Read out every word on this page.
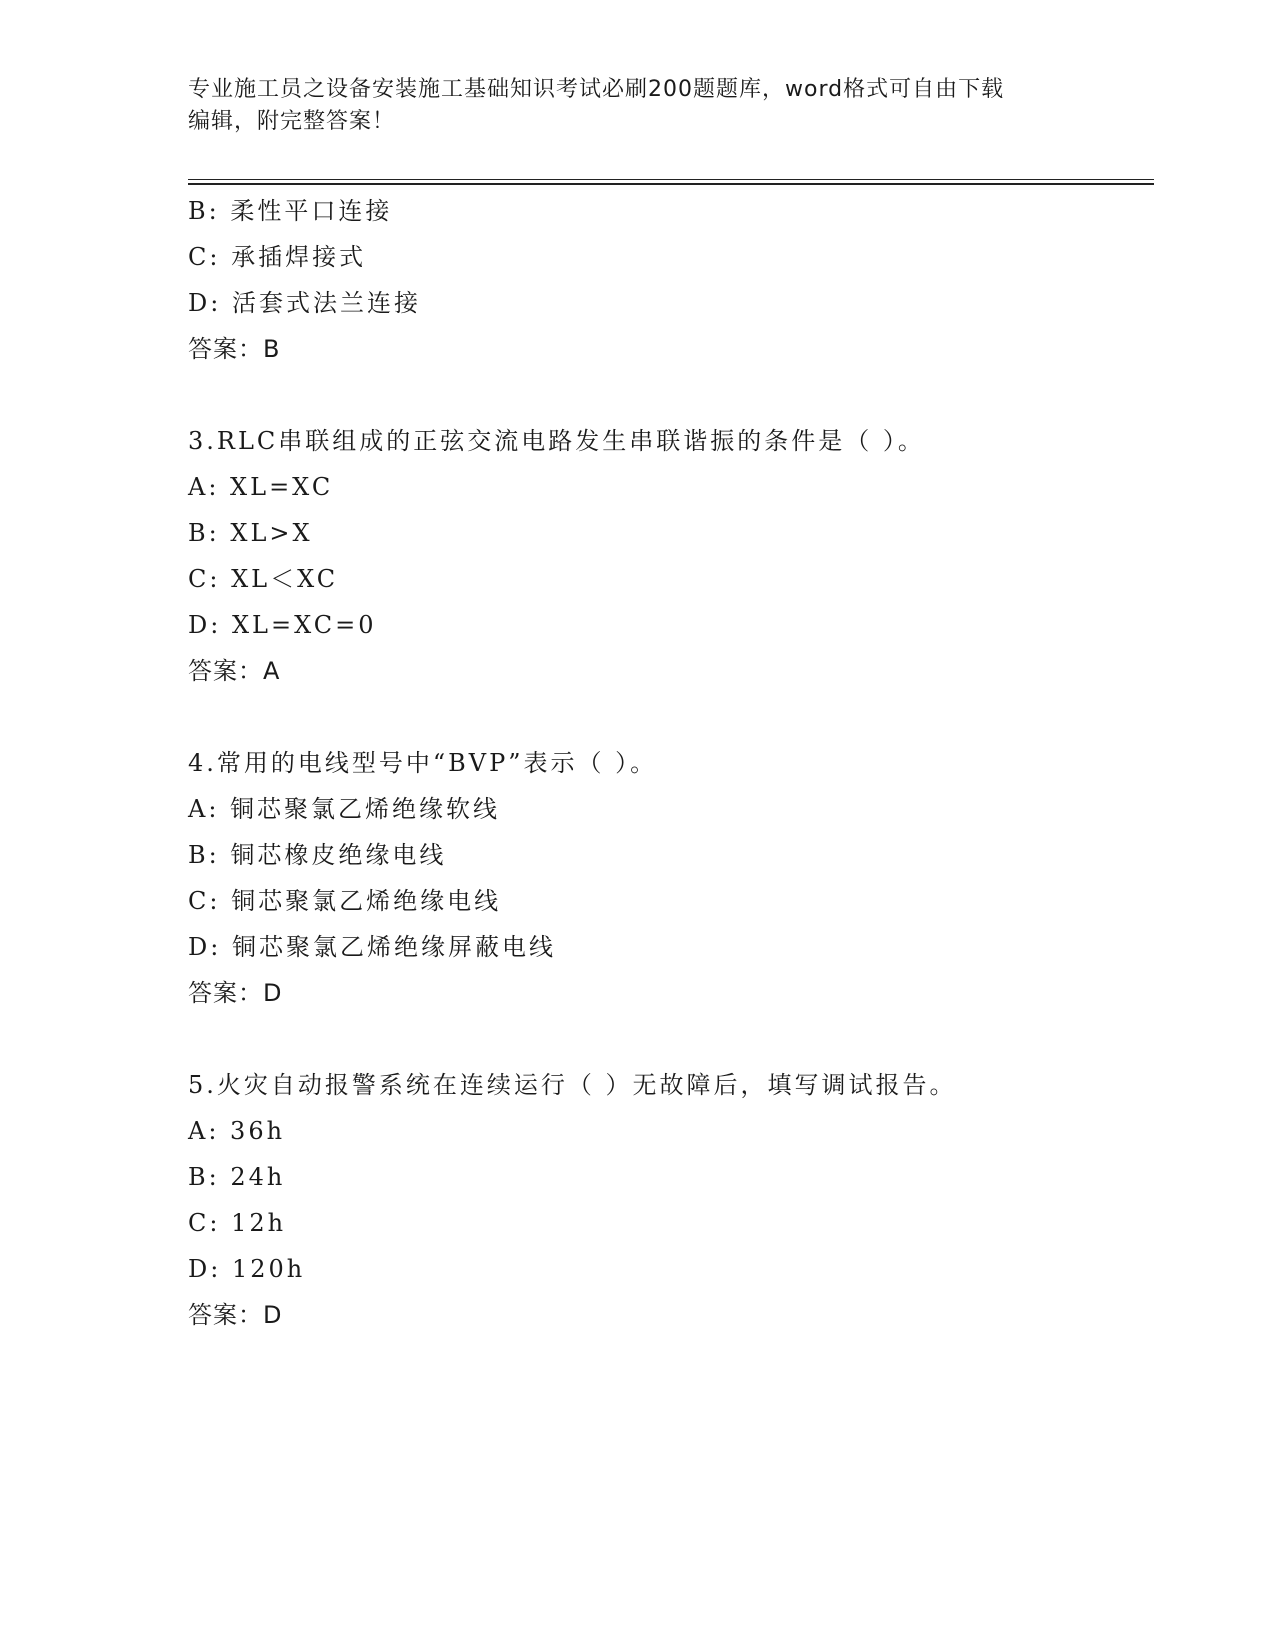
专业施工员之设备安装施工基础知识考试必刷200题题库，word格式可自由下载
编辑，附完整答案！
B: 柔性平口连接
C: 承插焊接式
D: 活套式法兰连接
答案：B
3.RLC串联组成的正弦交流电路发生串联谐振的条件是（ ）。
A: XL=XC
B: XL>X
C: XL＜XC
D: XL=XC=0
答案：A
4.常用的电线型号中“BVP”表示（ ）。
A: 铜芯聚氯乙烯绝缘软线
B: 铜芯橡皮绝缘电线
C: 铜芯聚氯乙烯绝缘电线
D: 铜芯聚氯乙烯绝缘屏蔽电线
答案：D
5.火灾自动报警系统在连续运行（ ）无故障后，填写调试报告。
A: 36h
B: 24h
C: 12h
D: 120h
答案：D
